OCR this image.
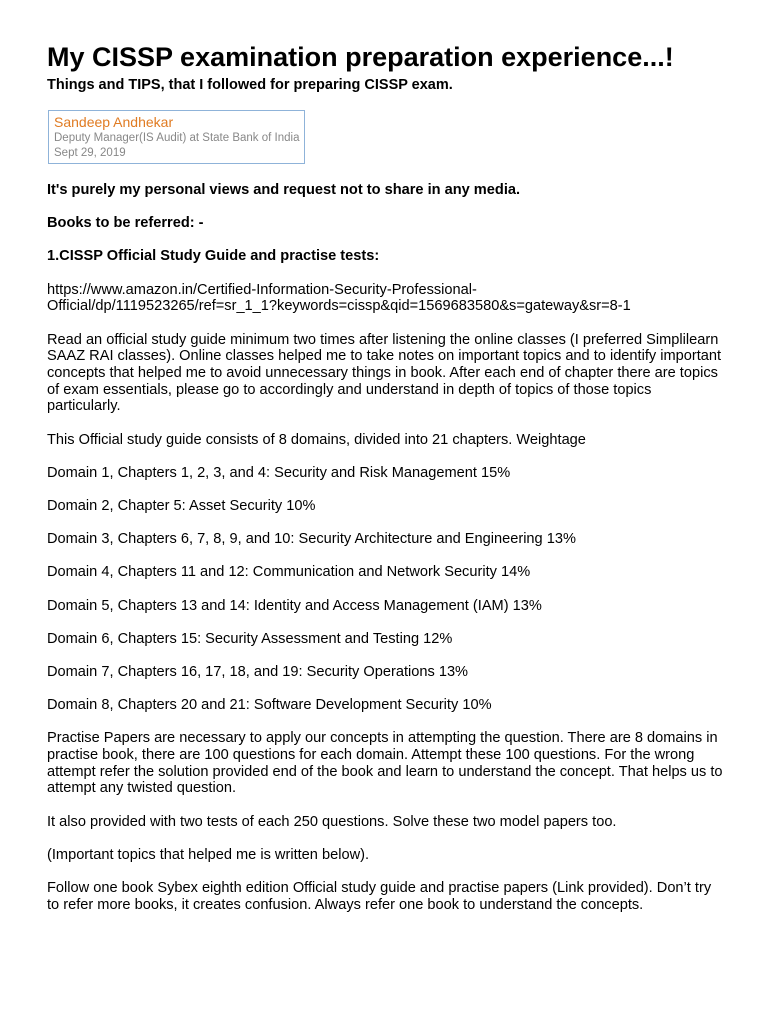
My CISSP examination preparation experience...!
Things and TIPS, that I followed for preparing CISSP exam.
Sandeep Andhekar
Deputy Manager(IS Audit) at State Bank of India
Sept 29, 2019

It's purely my personal views and request not to share in any media.

Books to be referred: -

1.CISSP Official Study Guide and practise tests:

https://www.amazon.in/Certified-Information-Security-Professional-
Official/dp/1119523265/ref=sr_1_1?keywords=cissp&qid=1569683580&s=gateway&sr=8-1

Read an official study guide minimum two times after listening the online classes (I preferred Simplilearn SAAZ RAI classes). Online classes helped me to take notes on important topics and to identify important concepts that helped me to avoid unnecessary things in book. After each end of chapter there are topics of exam essentials, please go to accordingly and understand in depth of topics of those topics particularly.

This Official study guide consists of 8 domains, divided into 21 chapters. Weightage

Domain 1, Chapters 1, 2, 3, and 4: Security and Risk Management 15%

Domain 2, Chapter 5: Asset Security 10%

Domain 3, Chapters 6, 7, 8, 9, and 10: Security Architecture and Engineering 13%

Domain 4, Chapters 11 and 12: Communication and Network Security 14%

Domain 5, Chapters 13 and 14: Identity and Access Management (IAM) 13%

Domain 6, Chapters 15: Security Assessment and Testing 12%

Domain 7, Chapters 16, 17, 18, and 19: Security Operations 13%

Domain 8, Chapters 20 and 21: Software Development Security 10%

Practise Papers are necessary to apply our concepts in attempting the question. There are 8 domains in practise book, there are 100 questions for each domain. Attempt these 100 questions. For the wrong attempt refer the solution provided end of the book and learn to understand the concept. That helps us to attempt any twisted question.

It also provided with two tests of each 250 questions. Solve these two model papers too.

(Important topics that helped me is written below).

Follow one book Sybex eighth edition Official study guide and practise papers (Link provided). Don’t try to refer more books, it creates confusion. Always refer one book to understand the concepts.
